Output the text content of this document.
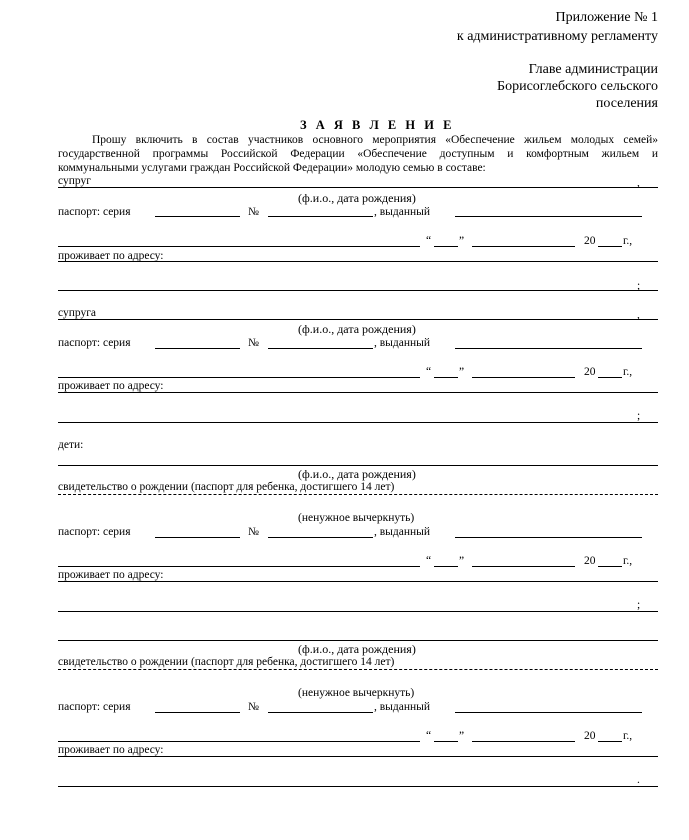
Приложение № 1
к административному регламенту
Главе администрации
Борисоглебского сельского
поселения
З А Я В Л Е Н И Е
Прошу включить в состав участников основного мероприятия «Обеспечение жильем молодых семей»
государственной программы Российской Федерации «Обеспечение доступным и комфортным жильем и
коммунальными услугами граждан Российской Федерации» молодую семью в составе:
супруг	,
(ф.и.о., дата рождения)
паспорт: серия	№	, выданный
“ ”	20 г.,
проживает по адресу:
;
супруга	,
(ф.и.о., дата рождения)
паспорт: серия	№	, выданный
“ ”	20 г.,
проживает по адресу:
;
дети:
(ф.и.о., дата рождения)
свидетельство о рождении (паспорт для ребенка, достигшего 14 лет)
(ненужное вычеркнуть)
паспорт: серия	№	, выданный
“ ”	20 г.,
проживает по адресу:
;
(ф.и.о., дата рождения)
свидетельство о рождении (паспорт для ребенка, достигшего 14 лет)
(ненужное вычеркнуть)
паспорт: серия	№	, выданный
“ ”	20 г.,
проживает по адресу:
.
